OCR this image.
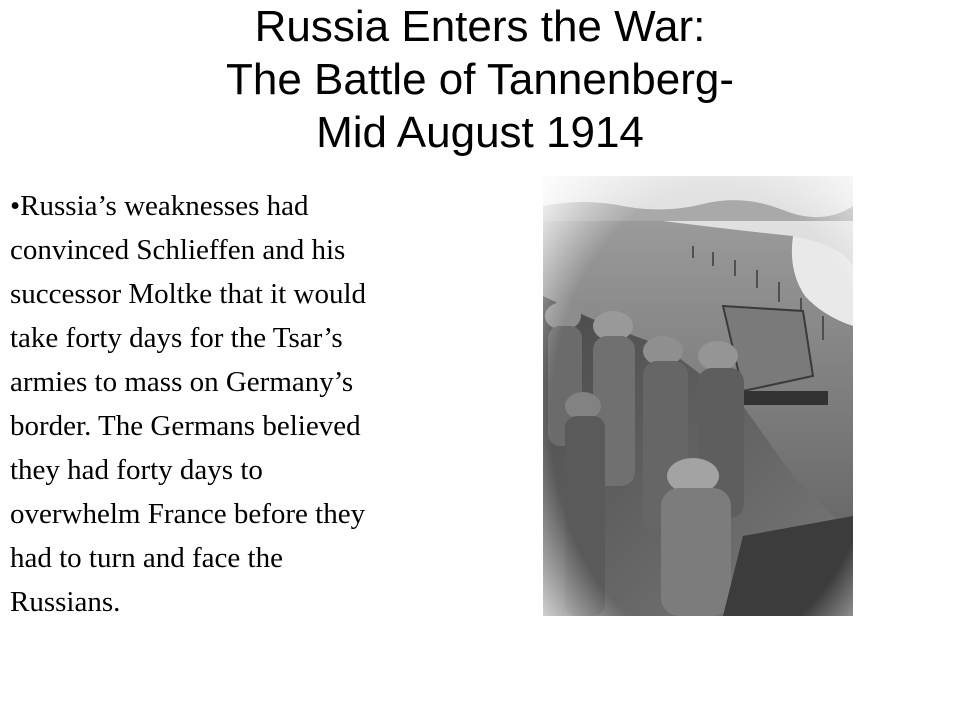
Russia Enters the War:
The Battle of Tannenberg-
Mid August 1914
•Russia’s weaknesses had
convinced Schlieffen and his
successor Moltke that it would
take forty days for the Tsar’s
armies to mass on Germany’s
border. The Germans believed
they had forty days to
overwhelm France before they
had to turn and face the
Russians.
